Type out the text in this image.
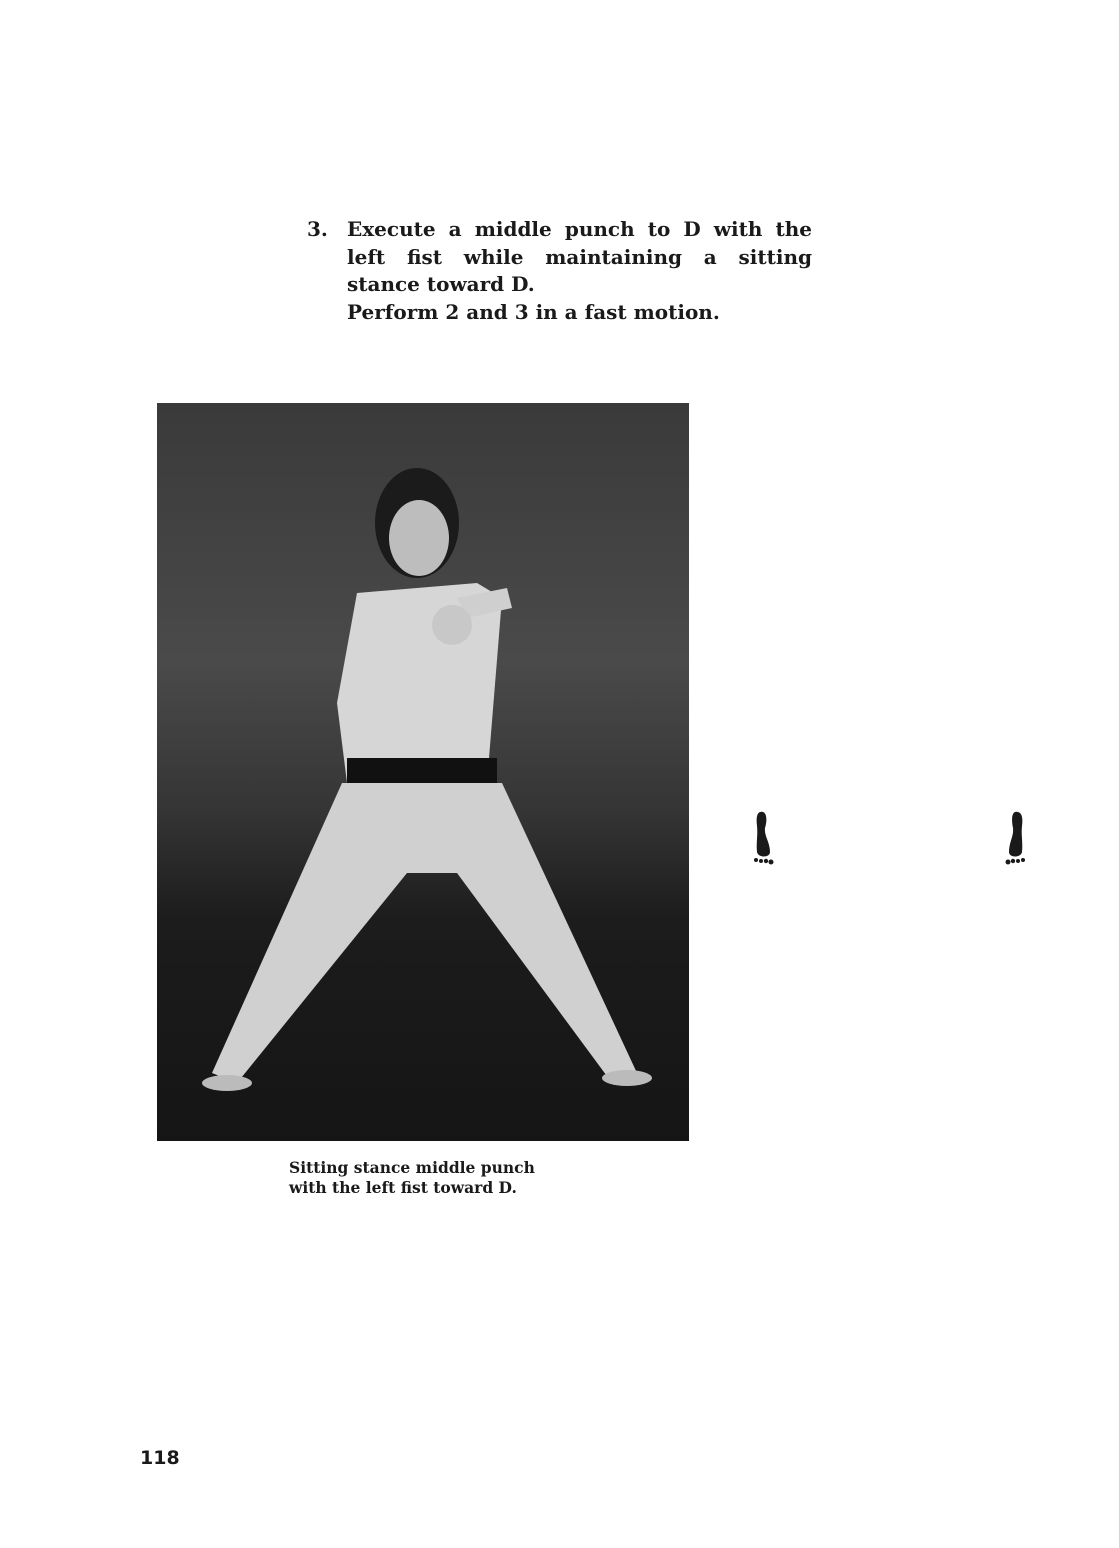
3. Execute a middle punch to D with the left fist while maintaining a sitting stance toward D.
Perform 2 and 3 in a fast motion.
Sitting stance middle punch
with the left fist toward D.
118
